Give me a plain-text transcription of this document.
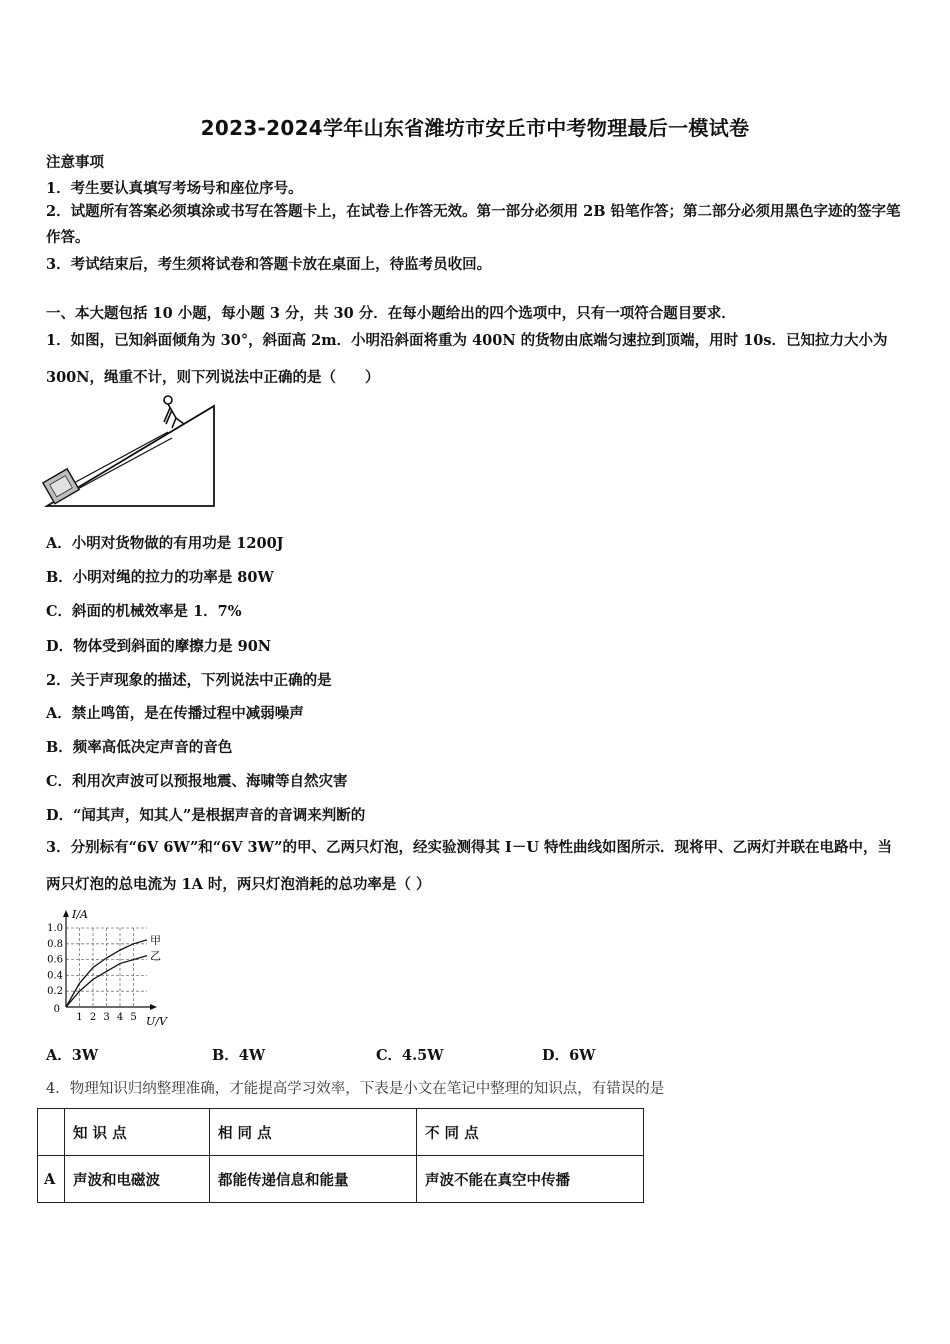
2023-2024学年山东省潍坊市安丘市中考物理最后一模试卷
注意事项
1．考生要认真填写考场号和座位序号。
2．试题所有答案必须填涂或书写在答题卡上，在试卷上作答无效。第一部分必须用 2B 铅笔作答；第二部分必须用黑色字迹的签字笔作答。
3．考试结束后，考生须将试卷和答题卡放在桌面上，待监考员收回。
一、本大题包括 10 小题，每小题 3 分，共 30 分．在每小题给出的四个选项中，只有一项符合题目要求．
1．如图，已知斜面倾角为 30°，斜面高 2m．小明沿斜面将重为 400N 的货物由底端匀速拉到顶端，用时 10s．已知拉力大小为 300N，绳重不计，则下列说法中正确的是（　　）
A．小明对货物做的有用功是 1200J
B．小明对绳的拉力的功率是 80W
C．斜面的机械效率是 1．7%
D．物体受到斜面的摩擦力是 90N
2．关于声现象的描述，下列说法中正确的是
A．禁止鸣笛，是在传播过程中减弱噪声
B．频率高低决定声音的音色
C．利用次声波可以预报地震、海啸等自然灾害
D．“闻其声，知其人”是根据声音的音调来判断的
3．分别标有“6V 6W”和“6V 3W”的甲、乙两只灯泡，经实验测得其 I－U 特性曲线如图所示．现将甲、乙两灯并联在电路中，当两只灯泡的总电流为 1A 时，两只灯泡消耗的总功率是（ ）
0.2
0.4
0.6
0.8
1.0
1 2 3 4 5
0
I/A
U/V
甲
乙
A．3W	B．4W	C．4.5W	D．6W
4．物理知识归纳整理准确，才能提高学习效率，下表是小文在笔记中整理的知识点，有错误的是
	知 识 点	相 同 点	不 同 点
A	声波和电磁波	都能传递信息和能量	声波不能在真空中传播
